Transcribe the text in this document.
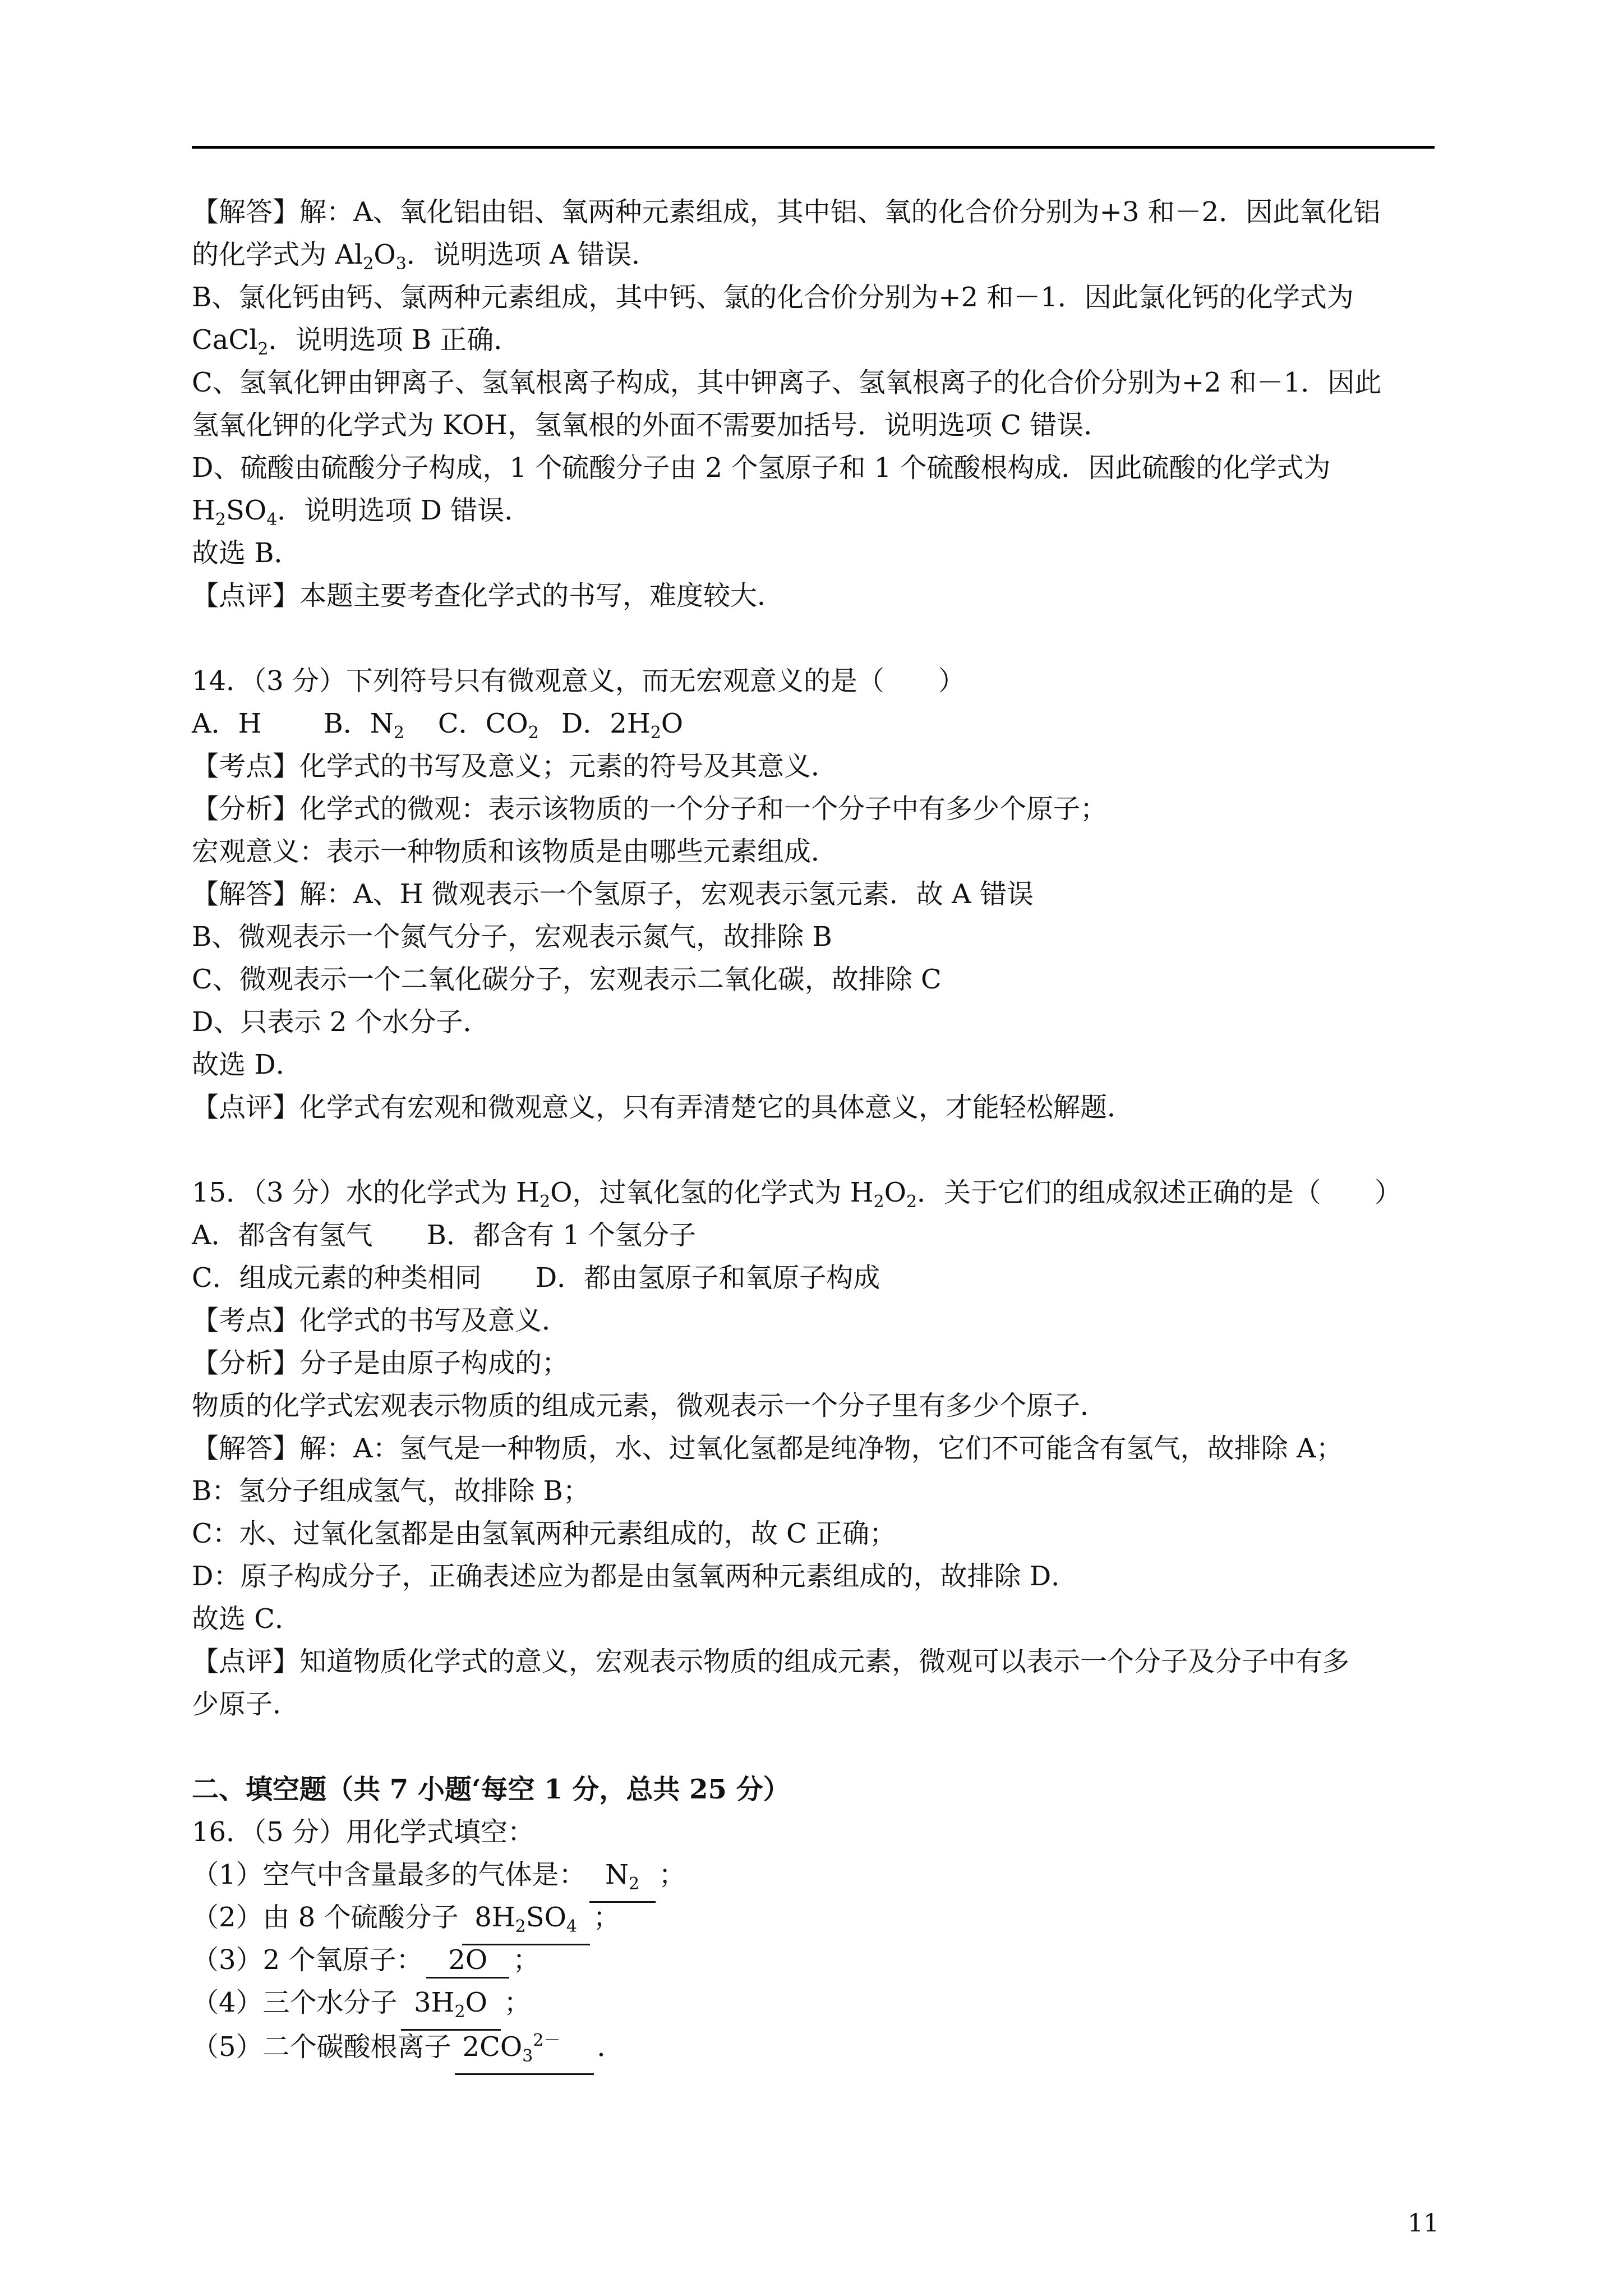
【解答】解：A、氧化铝由铝、氧两种元素组成，其中铝、氧的化合价分别为+3 和－2．因此氧化铝
的化学式为 $Al_2O_3$．说明选项 A 错误．
B、氯化钙由钙、氯两种元素组成，其中钙、氯的化合价分别为+2 和－1．因此氯化钙的化学式为
CaCl$_2$．说明选项 B 正确．
C、氢氧化钾由钾离子、氢氧根离子构成，其中钾离子、氢氧根离子的化合价分别为+2 和－1．因此
氢氧化钾的化学式为 KOH，氢氧根的外面不需要加括号．说明选项 C 错误．
D、硫酸由硫酸分子构成，1 个硫酸分子由 2 个氢原子和 1 个硫酸根构成．因此硫酸的化学式为
$H_2SO_4$．说明选项 D 错误．
故选 B．
【点评】本题主要考查化学式的书写，难度较大．
14．（3 分）下列符号只有微观意义，而无宏观意义的是（　　）
A．H B．$N_2$ C．$CO_2$ D．$2H_2O$
【考点】化学式的书写及意义；元素的符号及其意义．
【分析】化学式的微观：表示该物质的一个分子和一个分子中有多少个原子；
宏观意义：表示一种物质和该物质是由哪些元素组成．
【解答】解：A、H 微观表示一个氢原子，宏观表示氢元素．故 A 错误
B、微观表示一个氮气分子，宏观表示氮气，故排除 B
C、微观表示一个二氧化碳分子，宏观表示二氧化碳，故排除 C
D、只表示 2 个水分子．
故选 D．
【点评】化学式有宏观和微观意义，只有弄清楚它的具体意义，才能轻松解题．
15．（3 分）水的化学式为 $H_2O$，过氧化氢的化学式为 $H_2O_2$．关于它们的组成叙述正确的是（　　）
A．都含有氢气　　B．都含有 1 个氢分子
C．组成元素的种类相同　　D．都由氢原子和氧原子构成
【考点】化学式的书写及意义．
【分析】分子是由原子构成的；
物质的化学式宏观表示物质的组成元素，微观表示一个分子里有多少个原子．
【解答】解：A：氢气是一种物质，水、过氧化氢都是纯净物，它们不可能含有氢气，故排除 A；
B：氢分子组成氢气，故排除 B；
C：水、过氧化氢都是由氢氧两种元素组成的，故 C 正确；
D：原子构成分子，正确表述应为都是由氢氧两种元素组成的，故排除 D．
故选 C．
【点评】知道物质化学式的意义，宏观表示物质的组成元素，微观可以表示一个分子及分子中有多
少原子．
二、填空题（共 7 小题‘每空 1 分，总共 25 分）
16．（5 分）用化学式填空：
（1）空气中含量最多的气体是： $N_2$ ；
（2）由 8 个硫酸分子 $8H_2SO_4$ ；
（3）2 个氧原子： 2O ；
（4）三个水分子 $3H_2O$ ；
（5）二个碳酸根离子 $2CO_3^{2-}$ ．
11
